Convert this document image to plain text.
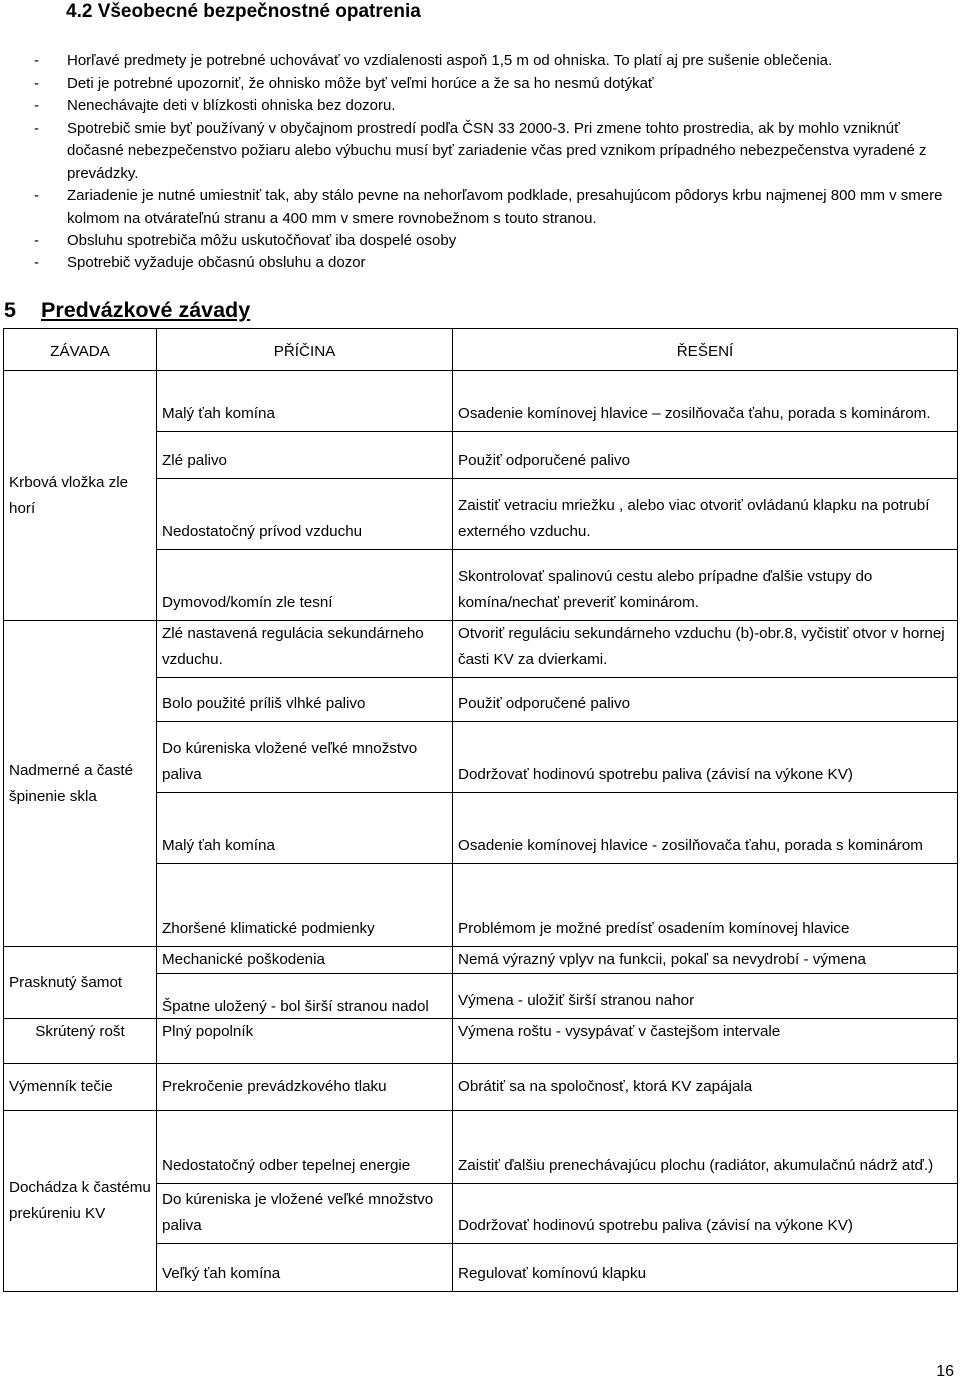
4.2 Všeobecné bezpečnostné opatrenia
- Horľavé predmety je potrebné uchovávať vo vzdialenosti aspoň 1,5 m od ohniska. To platí aj pre sušenie oblečenia.
- Deti je potrebné upozorniť, že ohnisko môže byť veľmi horúce a že sa ho nesmú dotýkať
- Nenechávajte deti v blízkosti ohniska bez dozoru.
- Spotrebič smie byť používaný v obyčajnom prostredí podľa ČSN 33 2000-3. Pri zmene tohto prostredia, ak by mohlo vzniknúť dočasné nebezpečenstvo požiaru alebo výbuchu musí byť zariadenie včas pred vznikom prípadného nebezpečenstva vyradené z prevádzky.
- Zariadenie je nutné umiestniť tak, aby stálo pevne na nehorľavom podklade, presahujúcom pôdorys krbu najmenej 800 mm v smere kolmom na otvárateľnú stranu a 400 mm v smere rovnobežnom s touto stranou.
- Obsluhu spotrebiča môžu uskutočňovať iba dospelé osoby
- Spotrebič vyžaduje občasnú obsluhu a dozor
5 Predvázkové závady
ZÁVADA	PŘÍČINA	ŘEŠENÍ
Krbová vložka zle horí	Malý ťah komína	Osadenie komínovej hlavice – zosilňovača ťahu, porada s kominárom.
	Zlé palivo	Použiť odporučené palivo
	Nedostatočný prívod vzduchu	Zaistiť vetraciu mriežku , alebo viac otvoriť ovládanú klapku na potrubí externého vzduchu.
	Dymovod/komín zle tesní	Skontrolovať spalinovú cestu alebo prípadne ďalšie vstupy do komína/nechať preveriť kominárom.
Nadmerné a časté špinenie skla	Zlé nastavená regulácia sekundárneho vzduchu.	Otvoriť reguláciu sekundárneho vzduchu (b)-obr.8, vyčistiť otvor v hornej časti KV za dvierkami.
	Bolo použité príliš vlhké palivo	Použiť odporučené palivo
	Do kúreniska vložené veľké množstvo paliva	Dodržovať hodinovú spotrebu paliva (závisí na výkone KV)
	Malý ťah komína	Osadenie komínovej hlavice - zosilňovača ťahu, porada s kominárom
	Zhoršené klimatické podmienky	Problémom je možné predísť osadením komínovej hlavice
Prasknutý šamot	Mechanické poškodenia	Nemá výrazný vplyv na funkcii, pokaľ sa nevydrobí - výmena
	Špatne uložený - bol širší stranou nadol	Výmena - uložiť širší stranou nahor
Skrútený rošt	Plný popolník	Výmena roštu - vysypávať v častejšom intervale
Výmenník tečie	Prekročenie prevádzkového tlaku	Obrátiť sa na spoločnosť, ktorá KV zapájala
Dochádza k častému prekúreniu KV	Nedostatočný odber tepelnej energie	Zaistiť ďalšiu prenechávajúcu plochu (radiátor, akumulačnú nádrž atď.)
	Do kúreniska je vložené veľké množstvo paliva	Dodržovať hodinovú spotrebu paliva (závisí na výkone KV)
	Veľký ťah komína	Regulovať komínovú klapku
16
